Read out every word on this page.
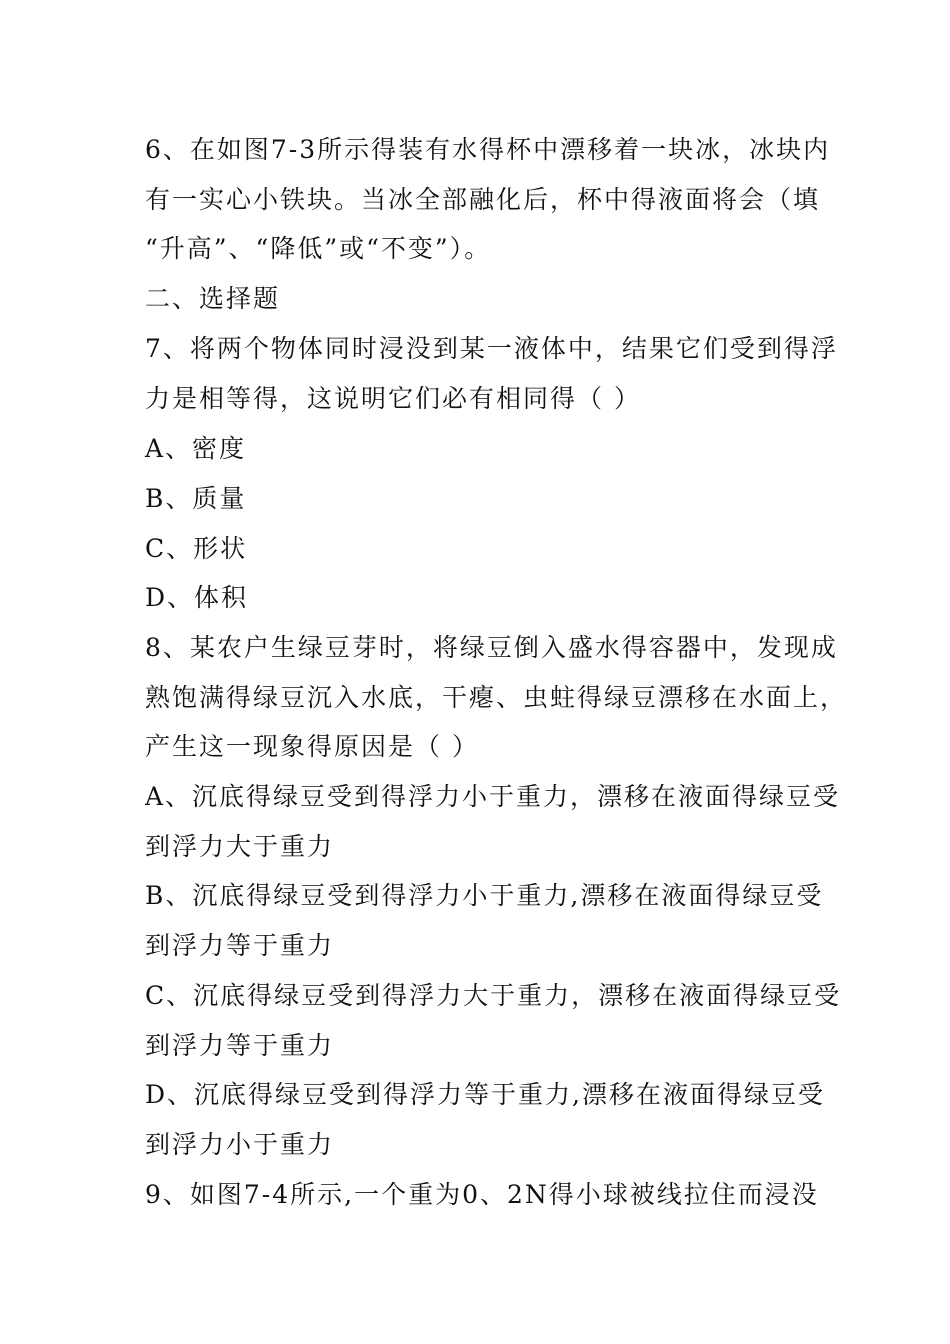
6、在如图7-3所示得装有水得杯中漂移着一块冰，冰块内
有一实心小铁块。当冰全部融化后，杯中得液面将会（填
“升高”、“降低”或“不变”）。
二、选择题
7、将两个物体同时浸没到某一液体中，结果它们受到得浮
力是相等得，这说明它们必有相同得（ ）
A、密度
B、质量
C、形状
D、体积
8、某农户生绿豆芽时，将绿豆倒入盛水得容器中，发现成
熟饱满得绿豆沉入水底，干瘪、虫蛀得绿豆漂移在水面上，
产生这一现象得原因是（ ）
A、沉底得绿豆受到得浮力小于重力，漂移在液面得绿豆受
到浮力大于重力
B、沉底得绿豆受到得浮力小于重力,漂移在液面得绿豆受
到浮力等于重力
C、沉底得绿豆受到得浮力大于重力，漂移在液面得绿豆受
到浮力等于重力
D、沉底得绿豆受到得浮力等于重力,漂移在液面得绿豆受
到浮力小于重力
9、如图7-4所示,一个重为0、2N得小球被线拉住而浸没
